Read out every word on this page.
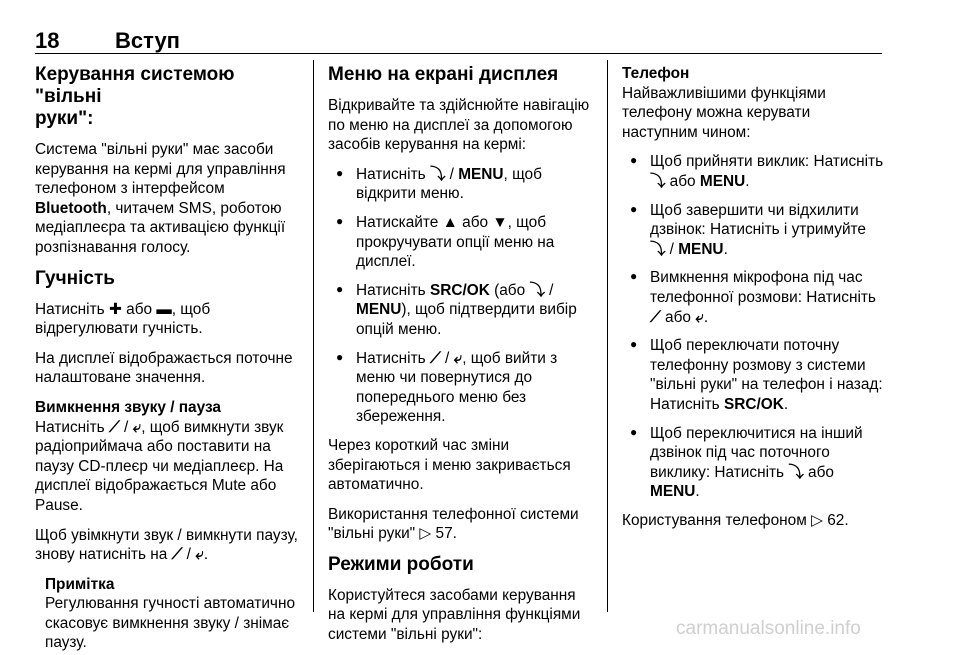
18	Вступ
Керування системою "вільні
руки":

Система "вільні руки" має засоби керування на кермі для управління телефоном з інтерфейсом Bluetooth, читачем SMS, роботою медіаплеєра та активацією функції розпізнавання голосу.

Гучність

Натисніть ✚ або ▬, щоб відрегулювати гучність.

На дисплеї відображається поточне налаштоване значення.

Вимкнення звуку / пауза

Натисніть ⟋ / ⤶, щоб вимкнути звук радіоприймача або поставити на паузу CD-плеєр чи медіаплеєр. На дисплеї відображається Mute або Pause.

Щоб увімкнути звук / вимкнути паузу, знову натисніть на ⟋ / ⤶.

Примітка
Регулювання гучності автоматично скасовує вимкнення звуку / знімає паузу.
Меню на екрані дисплея

Відкривайте та здійснюйте навігацію по меню на дисплеї за допомогою засобів керування на кермі:

● Натисніть ⤵ / MENU, щоб відкрити меню.
● Натискайте ▲ або ▼, щоб прокручувати опції меню на дисплеї.
● Натисніть SRC/OK (або ⤵ / MENU), щоб підтвердити вибір опцій меню.
● Натисніть ⟋ / ⤶, щоб вийти з меню чи повернутися до попереднього меню без збереження.

Через короткий час зміни зберігаються і меню закривається автоматично.

Використання телефонної системи "вільні руки" ▷ 57.

Режими роботи

Користуйтеся засобами керування на кермі для управління функціями системи "вільні руки":

Телефон

Найважливішими функціями телефону можна керувати наступним чином:

● Щоб прийняти виклик: Натисніть ⤵ або MENU.
● Щоб завершити чи відхилити дзвінок: Натисніть і утримуйте ⤵ / MENU.
● Вимкнення мікрофона під час телефонної розмови: Натисніть ⟋ або ⤶.
● Щоб переключати поточну телефонну розмову з системи "вільні руки" на телефон і назад: Натисніть SRC/OK.
● Щоб переключитися на інший дзвінок під час поточного виклику: Натисніть ⤵ або MENU.

Користування телефоном ▷ 62.

carmanualsonline.info
